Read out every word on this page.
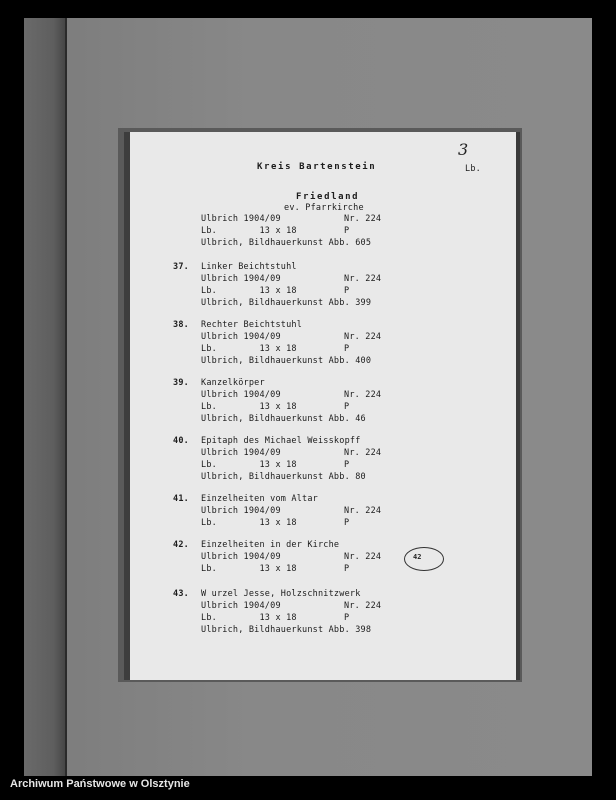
Kreis Bartenstein	Lb.
3
Friedland
ev. Pfarrkirche
Ulbrich 1904/09	Nr. 224
Lb.        13 x 18	P
Ulbrich, Bildhauerkunst Abb. 605
37. Linker Beichtstuhl
Ulbrich 1904/09	Nr. 224
Lb.        13 x 18	P
Ulbrich, Bildhauerkunst Abb. 399
38. Rechter Beichtstuhl
Ulbrich 1904/09	Nr. 224
Lb.        13 x 18	P
Ulbrich, Bildhauerkunst Abb. 400
39. Kanzelkörper
Ulbrich 1904/09	Nr. 224
Lb.        13 x 18	P
Ulbrich, Bildhauerkunst Abb. 46
40. Epitaph des Michael Weisskopff
Ulbrich 1904/09	Nr. 224
Lb.        13 x 18	P
Ulbrich, Bildhauerkunst Abb. 80
41. Einzelheiten vom Altar
Ulbrich 1904/09	Nr. 224
Lb.        13 x 18	P
42. Einzelheiten in der Kirche
Ulbrich 1904/09	Nr. 224
Lb.        13 x 18	P
43. W urzel Jesse, Holzschnitzwerk
Ulbrich 1904/09	Nr. 224
Lb.        13 x 18	P
Ulbrich, Bildhauerkunst Abb. 398
42
Archiwum Państwowe w Olsztynie
